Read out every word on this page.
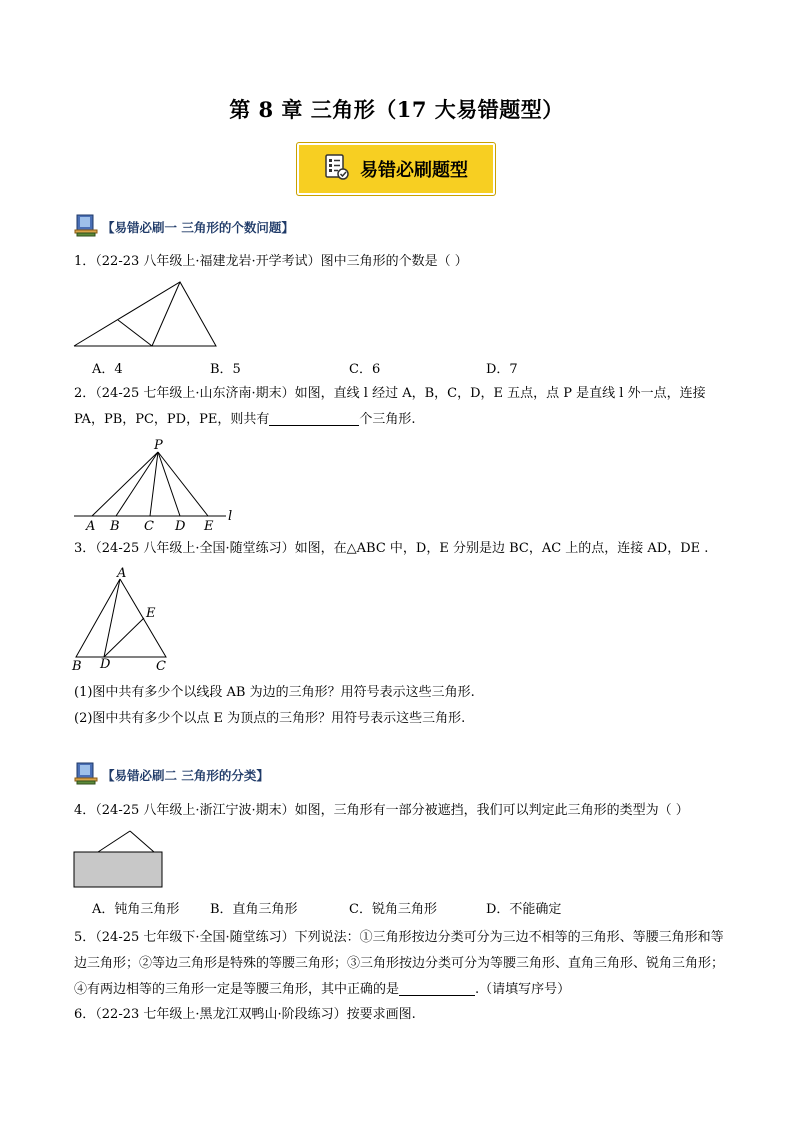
第 8 章 三角形（17 大易错题型）
易错必刷题型
【易错必刷一 三角形的个数问题】
1．（22-23 八年级上·福建龙岩·开学考试）图中三角形的个数是（ ）
A．4	B．5	C．6	D．7
2．（24-25 七年级上·山东济南·期末）如图，直线 l 经过 A，B，C，D，E 五点，点 P 是直线 l 外一点，连接
PA，PB，PC，PD，PE，则共有	个三角形.
P
A B C D E
l
3．（24-25 八年级上·全国·随堂练习）如图，在△ABC 中，D，E 分别是边 BC，AC 上的点，连接 AD，DE .
A
B D	C
E
(1)图中共有多少个以线段 AB 为边的三角形？用符号表示这些三角形.
(2)图中共有多少个以点 E 为顶点的三角形？用符号表示这些三角形.
【易错必刷二 三角形的分类】
4．（24-25 八年级上·浙江宁波·期末）如图，三角形有一部分被遮挡，我们可以判定此三角形的类型为（ ）
A．钝角三角形 B．直角三角形	C．锐角三角形	D．不能确定
5．（24-25 七年级下·全国·随堂练习）下列说法：①三角形按边分类可分为三边不相等的三角形、等腰三角形和等边三角形；②等边三角形是特殊的等腰三角形；③三角形按边分类可分为等腰三角形、直角三角形、锐角三角形；④有两边相等的三角形一定是等腰三角形，其中正确的是	.（请填写序号）
6．（22-23 七年级上·黑龙江双鸭山·阶段练习）按要求画图.
